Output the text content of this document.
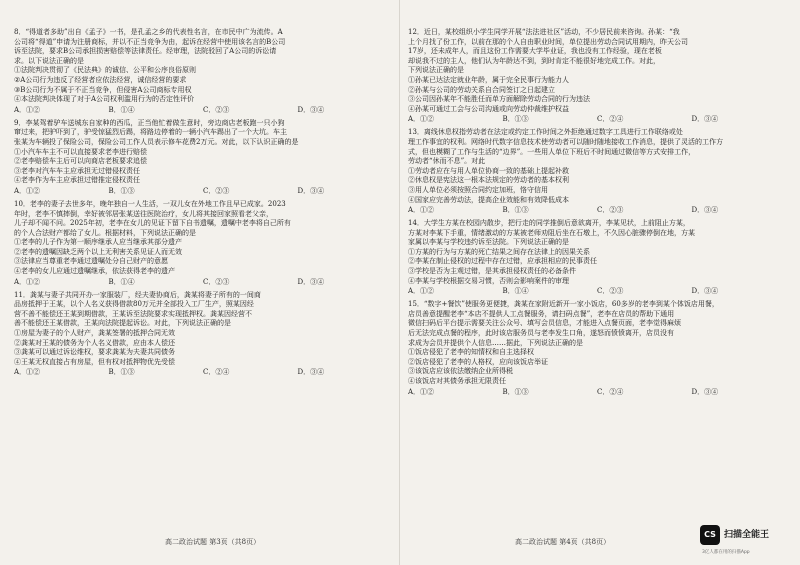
8．“得道者多助”出自《孟子》一书，是孔孟之乡的代表性名言，在市民中广为流传。A

公司将“得道”申请为注册商标，并以不正当竞争为由，起诉在经营中使用该名言的B公司

诉至法院，要求B公司承担损害赔偿等法律责任。经审理，法院驳回了A公司的诉讼请

求。以下说法正确的是

①法院判决贯彻了《民法典》的诚信、公平和公序良俗原则

②A公司行为违反了经营者应依法经营，诚信经营的要求

③B公司行为不属于不正当竞争，但侵害A公司商标专用权

④本法院判决体现了对于A公司权利滥用行为的否定性评价

A．①②	B．①④	C．②③	D．③④

9．李某驾着驴车送城东自家种的西瓜，正当他忙着做生意时，旁边商店老板跑一只小狗

窜过来，把驴吓到了，驴受惊猛烈后踢，将路边停着的一辆小汽车踢出了一个大坑。车主

张某为车辆投了保险公司，保险公司工作人员表示修车花费2万元。对此，以下认识正确的是

①小汽车车主不可以直接要求老李进行赔偿

②老李赔偿车主后可以向商店老板要求追偿

③老李对汽车车主应承担无过错侵权责任

④老李作为车主应承担过错推定侵权责任

A．①②	B．①③	C．②③	D．③④

10．老李的妻子去世多年，晚年独自一人生活，一双儿女在外地工作且早已成家。2023

年时，老李不慎摔倒，幸好被邻居张某送往医院治疗，女儿将其接回家照看老父亲，

儿子却不闻不问。2025年初，老李在女儿的见证下留下自书遗嘱，遗嘱中老李将自己所有

的个人合法财产都给了女儿。根据材料，下列说法正确的是

①老李的儿子作为第一顺序继承人应当继承其部分遗产

②老李的遗嘱因缺乏两个以上无利害关系见证人而无效

③法律应当尊重老李通过遗嘱处分自己财产的意愿

④老李的女儿应通过遗嘱继承，依法获得老李的遗产

A．①②	B．①④	C．②③	D．③④

11．龚某与妻子共同开办一家服装厂，经夫妻协商后，龚某将妻子所有的一间商

品房抵押于王某，以个人名义获得借款80万元并全部投入工厂生产，照某因经

营不善不能偿还王某到期借款，王某诉至法院要求实现抵押权。龚某因经营不

善不能偿还王某借款，王某向法院提起诉讼。对此，下列说法正确的是

①房屋为妻子的个人财产，龚某签署的抵押合同无效

②龚某对王某的债务为个人名义借款，应由本人偿还

③龚某可以通过诉讼维权，要求龚某为夫妻共同债务

④王某无权直接占有房屋，但有权对抵押物优先受偿

A．①②	B．①③	C．②④	D．③④

12．近日，某校组织小学生同学开展“法法进社区”活动，不少居民前来咨询。孙某：“我

上个月找了份工作，以前在那的个人自由职业时间，单位提出劳动合同试用期内，昨天公司

17岁，还未成年人，而且这份工作需要大学毕业证，我也没有工作经验，现在老板

却说我不过的主人，他们认为年龄达不到，到时肯定不能很好地完成工作。对此，

下列说法正确的是

①孙某已达法定就业年龄，属于完全民事行为能力人

②孙某与公司的劳动关系自合同签订之日起建立

③公司因孙某年不能胜任而单方面解除劳动合同的行为违法

④孙某可通过工会与公司沟通或向劳动仲裁维护权益

A．①②	B．①③	C．②④	D．③④

13．离线休息权指劳动者在法定或约定工作时间之外拒绝通过数字工具进行工作联络或处

理工作事宜的权利。网络时代数字信息技术使劳动者可以随时随地接收工作消息，提供了灵活的工作方

式，但也模糊了工作与生活的“边界”。一些用人单位下班后不时间通过微信等方式安排工作，

劳动者“休而不息”。对此

①劳动者应在与用人单位协商一致的基础上提起补救

②休息权是宪法这一根本法规定的劳动者的基本权利

③用人单位必须按照合同约定加班，恪守信用

④国家应完善劳动法，提高企业效能和有效降低成本

A．①②	B．①③	C．②③	D．③④

14．大学生方某在校园内散步，把行走的同学推倒后意欲离开，李某见状，上前阻止方某，

方某对李某下手重，情绪激动的方某被老师劝阻后坐在石墩上，不久因心脏骤停倒在地，方某

家属以李某与学校违约诉至法院。下列说法正确的是

①方某的行为与方某的死亡结果之间存在法律上的因果关系

②李某在制止侵权的过程中存在过错，应承担相应的民事责任

③学校是否为主观过错，是其承担侵权责任的必备条件

④李某与学校根据交易习惯，否则会影响案件的审理

A．①②	B．①④	C．②③	D．③④

15．“数字+餐饮”使服务更便捷，龚某在家附近新开一家小饭店，60多岁的老李到某个体饭店用餐，

店员善意提醒老李“本店不提供人工点餐服务，请扫码点餐”，老李在店员的帮助下通用

微信扫码后平台提示需要关注公众号、填写会员信息，才能进入点餐页面，老李觉得麻烦

后无法完成点餐的程序，此时该店服务员与老李发生口角，遂怒而愤愤离开，店员没有

求成为会员并提供个人信息……据此，下列说法正确的是

①饭店侵犯了老李的知情权和自主选择权

②饭店侵犯了老李的人格权，应向该饭店举证

③该饭店应该依法缴纳企业所得税

④该饭店对其债务承担无限责任

A．①②	B．①③	C．②④	D．③④
高二政治试题 第3页（共8页）	高二政治试题 第4页（共8页）
CS 扫描全能王
3亿人都在用的扫描App
